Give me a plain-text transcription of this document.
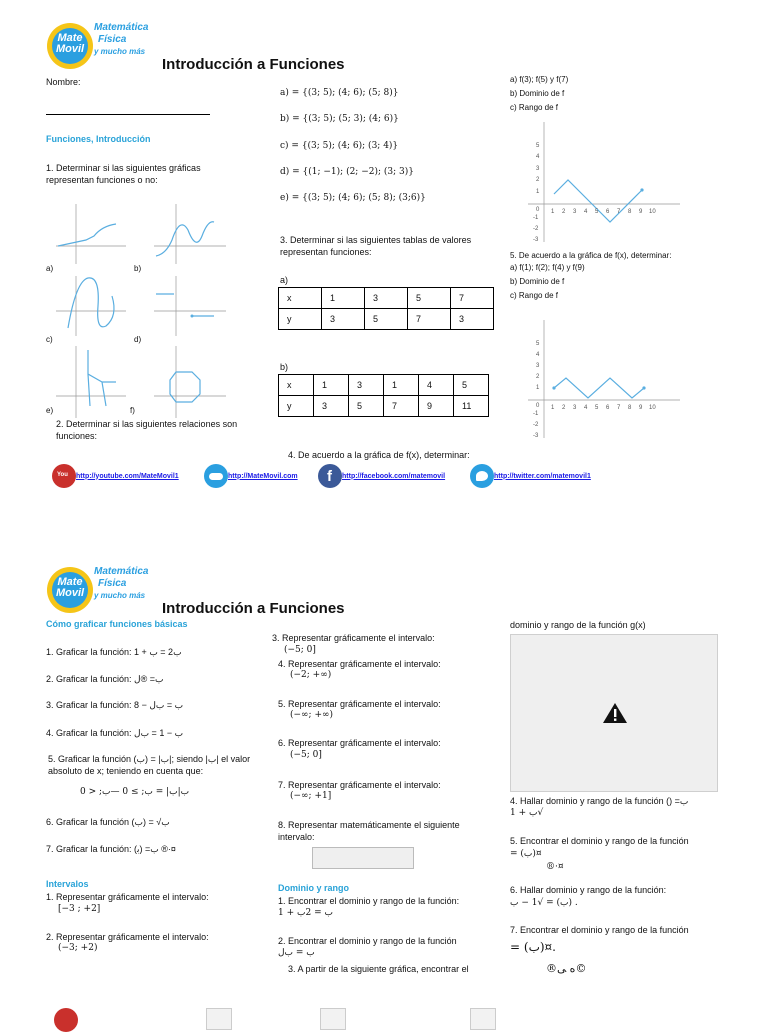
Mate
Movil
Matemática
Física
y mucho más
Introducción a Funciones
Nombre:
Funciones, Introducción
1. Determinar si las siguientes gráficas representan funciones o no:
a)	b)
c)	d)
e)	f)
2. Determinar si las siguientes relaciones son funciones:
a) = {(3; 5); (4; 6); (5; 8)}
b) = {(3; 5); (5; 3); (4; 6)}
c) = {(3; 5); (4; 6); (3; 4)}
d) = {(1; −1); (2; −2); (3; 3)}
e) = {(3; 5); (4; 6); (5; 8); (3;6)}
3. Determinar si las siguientes tablas de valores representan funciones:
a)
x	1	3	5	7
y	3	5	7	3
b)
x	1	3	1	4	5
y	3	5	7	9	11
4. De acuerdo a la gráfica de f(x), determinar:
a) f(3); f(5) y f(7)
b) Dominio de f
c) Rango de f
1 2 3 4 5 6 7 8 9 10
5
4
3
2
1
0
-1
-2
-3
5. De acuerdo a la gráfica de f(x), determinar:
a) f(1); f(2); f(4) y f(9)
b) Dominio de f
c) Rango de f
1 2 3 4 5 6 7 8 9 10
5
4
3
2
1
0
-1
-2
-3
You http://youtube.com/MateMovil1	http://MateMovil.com f http://facebook.com/matemovil	http://twitter.com/matemovil1
Mate
Movil
Matemática
Física
y mucho más
Introducción a Funciones
Cómo graficar funciones básicas
1. Graficar la función: 1 + ﺏ2 = ﺏ
2. Graficar la función: ﺏ= ®ﻝ
3. Graficar la función: ﺏ = ﺏﻝ − 8
4. Graficar la función: ﺏ − 1 = ﺏﻝ
5. Graficar la función (ﺏ) = |ﺏ|; siendo |ﺏ| el valor absoluto de x; teniendo en cuenta que:
ﺏ|ﺏ| = ﺏ; ≥ 0 —ﺏ; < 0
6. Graficar la función (ﺏ) = √ﺏ
7. Graficar la función: (ﺏ= (ﺑ ®·¤
Intervalos
1. Representar gráficamente el intervalo:
[−3 ; +2]
2. Representar gráficamente el intervalo:
(−3; +2)
3. Representar gráficamente el intervalo:
(−5; 0]
4. Representar gráficamente el intervalo:
(−2; +∞)
5. Representar gráficamente el intervalo:
(−∞; +∞)
6. Representar gráficamente el intervalo:
(−5; 0]
7. Representar gráficamente el intervalo:
(−∞; +1]
8. Representar matemáticamente el siguiente intervalo:
Dominio y rango
1. Encontrar el dominio y rango de la función:
1 + ﺏ = 2ﺏ
2. Encontrar el dominio y rango de la función
ﺏ = ﺏﻝ
3. A partir de la siguiente gráfica, encontrar el
dominio y rango de la función g(x)
4. Hallar dominio y rango de la función () =ﺏ
ﺏ + 1√
5. Encontrar el dominio y rango de la función
= (ﺏ)¤
®·¤
6. Hallar dominio y rango de la función:
ﺏ) = √1 − ﺏ) .
7. Encontrar el dominio y rango de la función
= (ﺏ)¤.
®ﻩ ﯽ©
